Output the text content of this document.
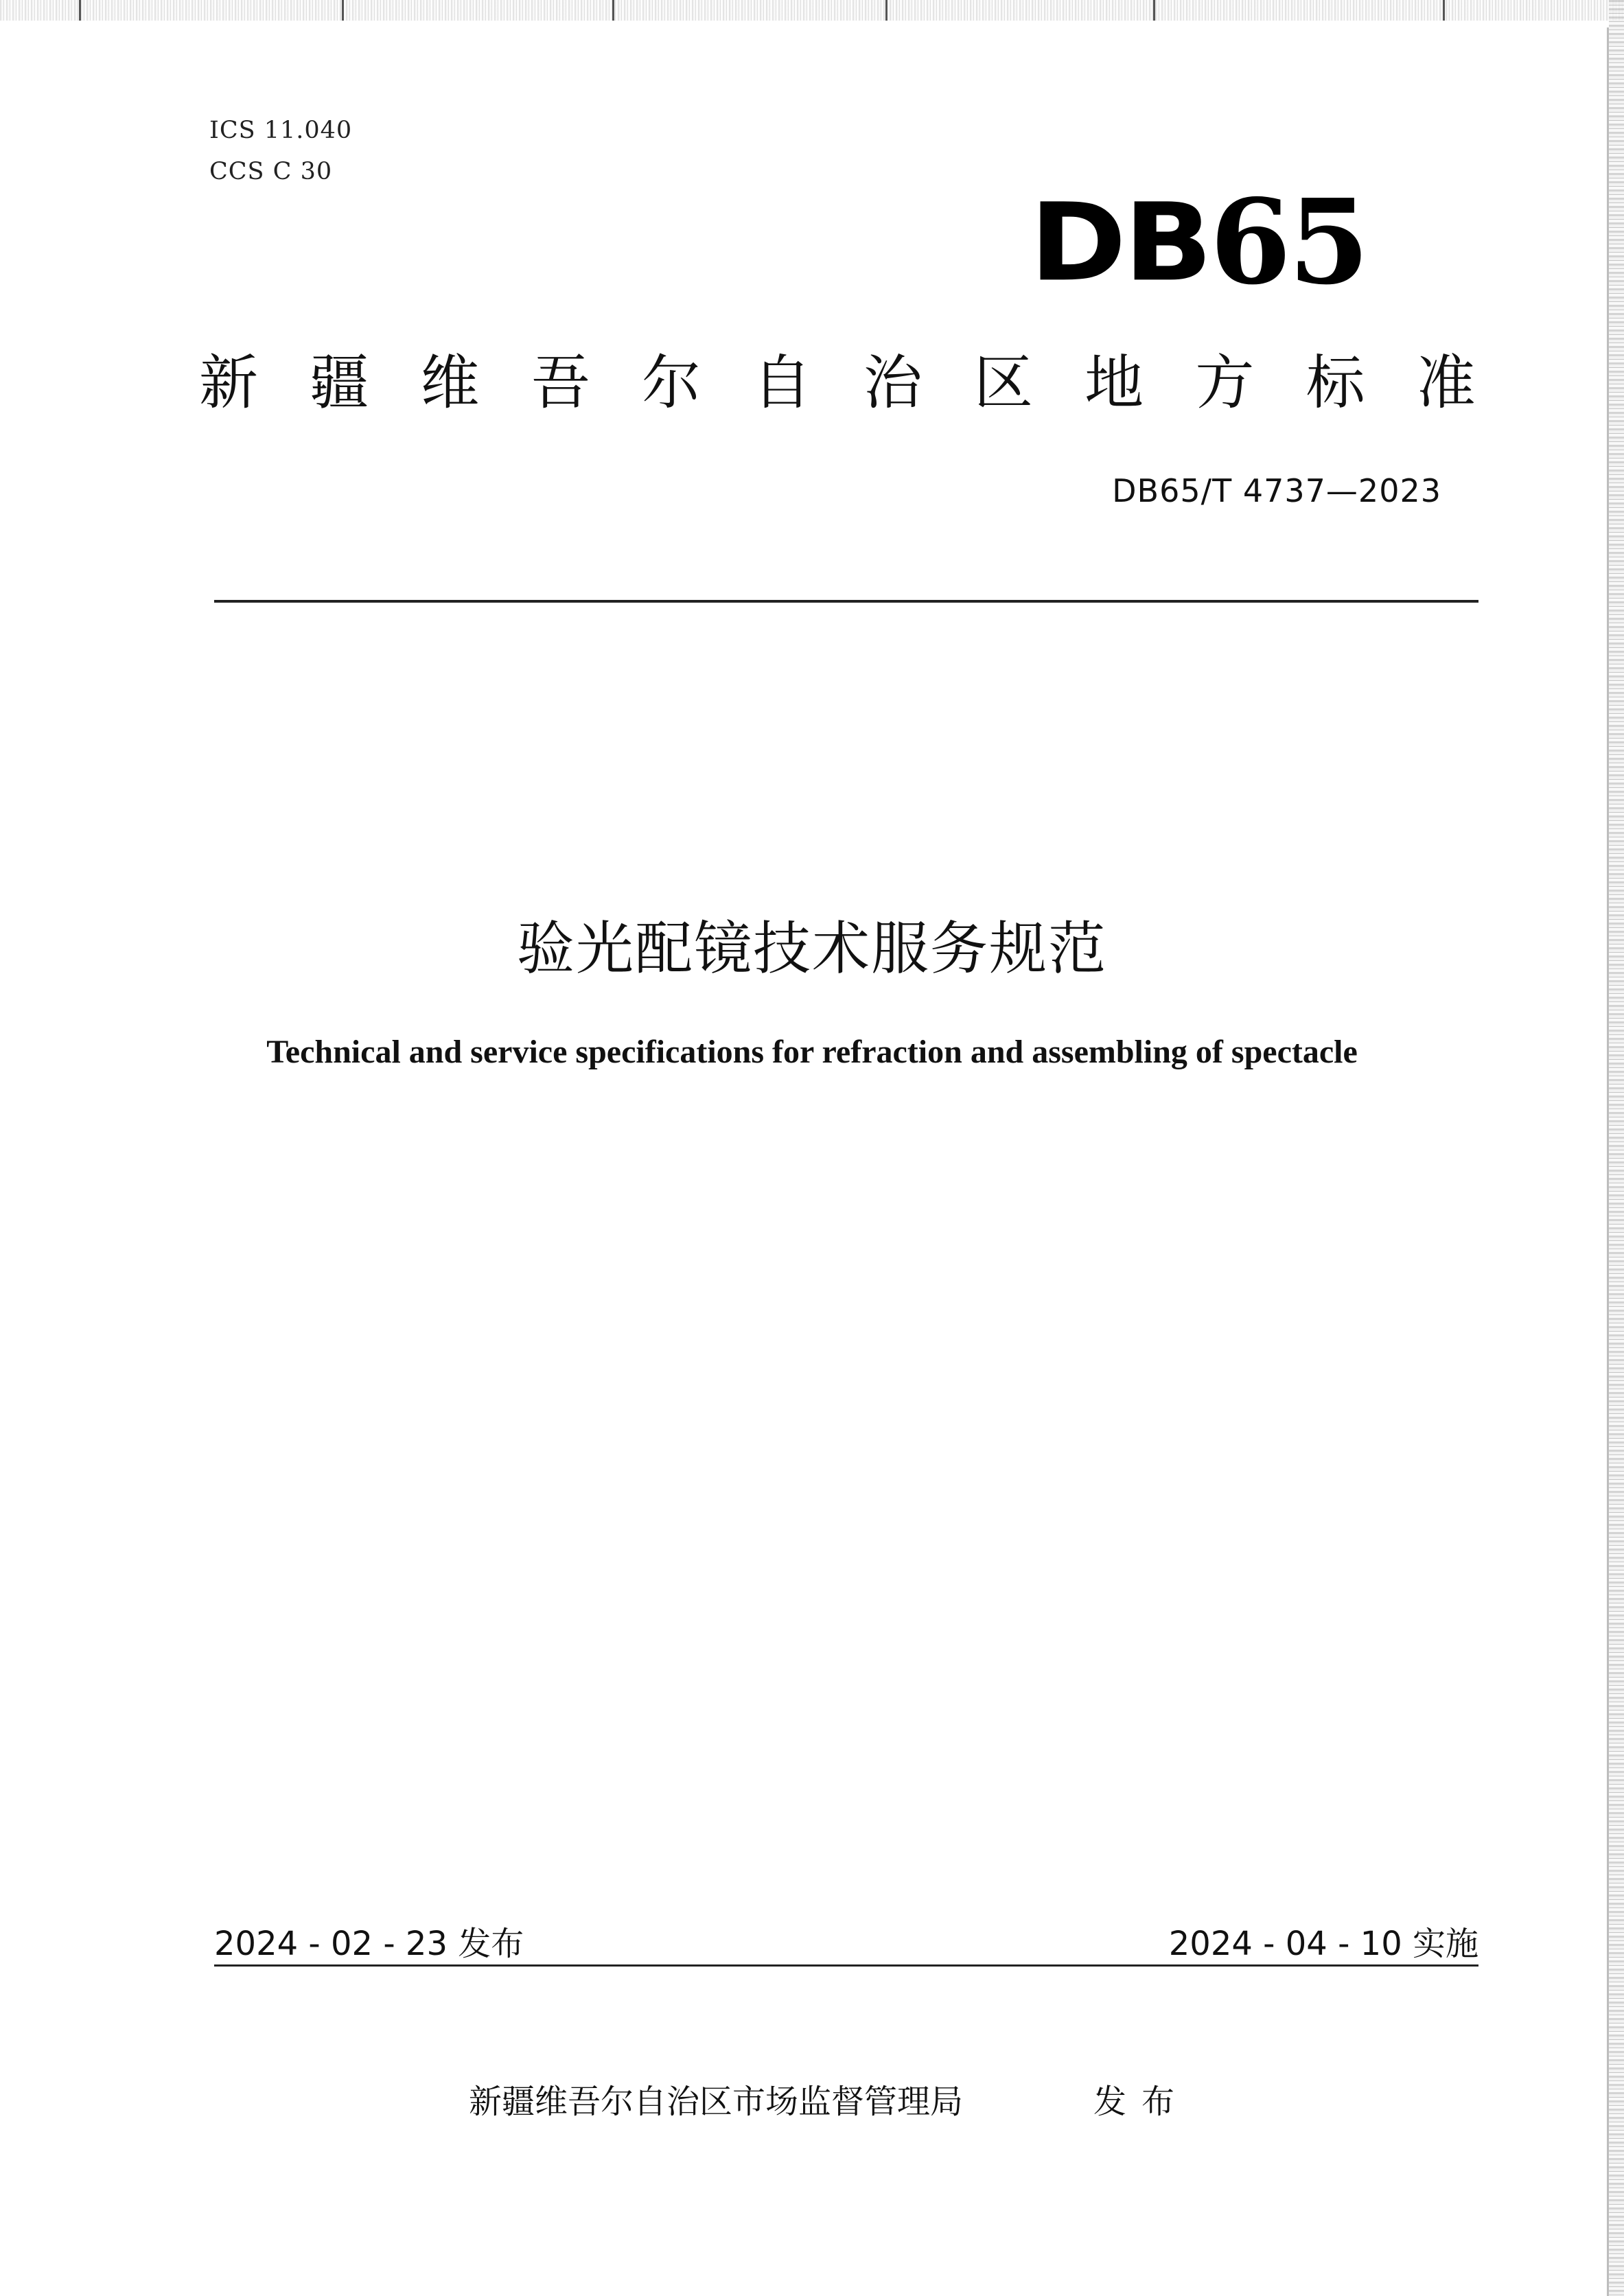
ICS 11.040
CCS C 30
DB65
新 疆 维 吾 尔 自 治 区 地 方 标 准
DB65/T 4737—2023
验光配镜技术服务规范
Technical and service specifications for refraction and assembling of spectacle
2024 - 02 - 23 发布	2024 - 04 - 10 实施
新疆维吾尔自治区市场监督管理局	发布
